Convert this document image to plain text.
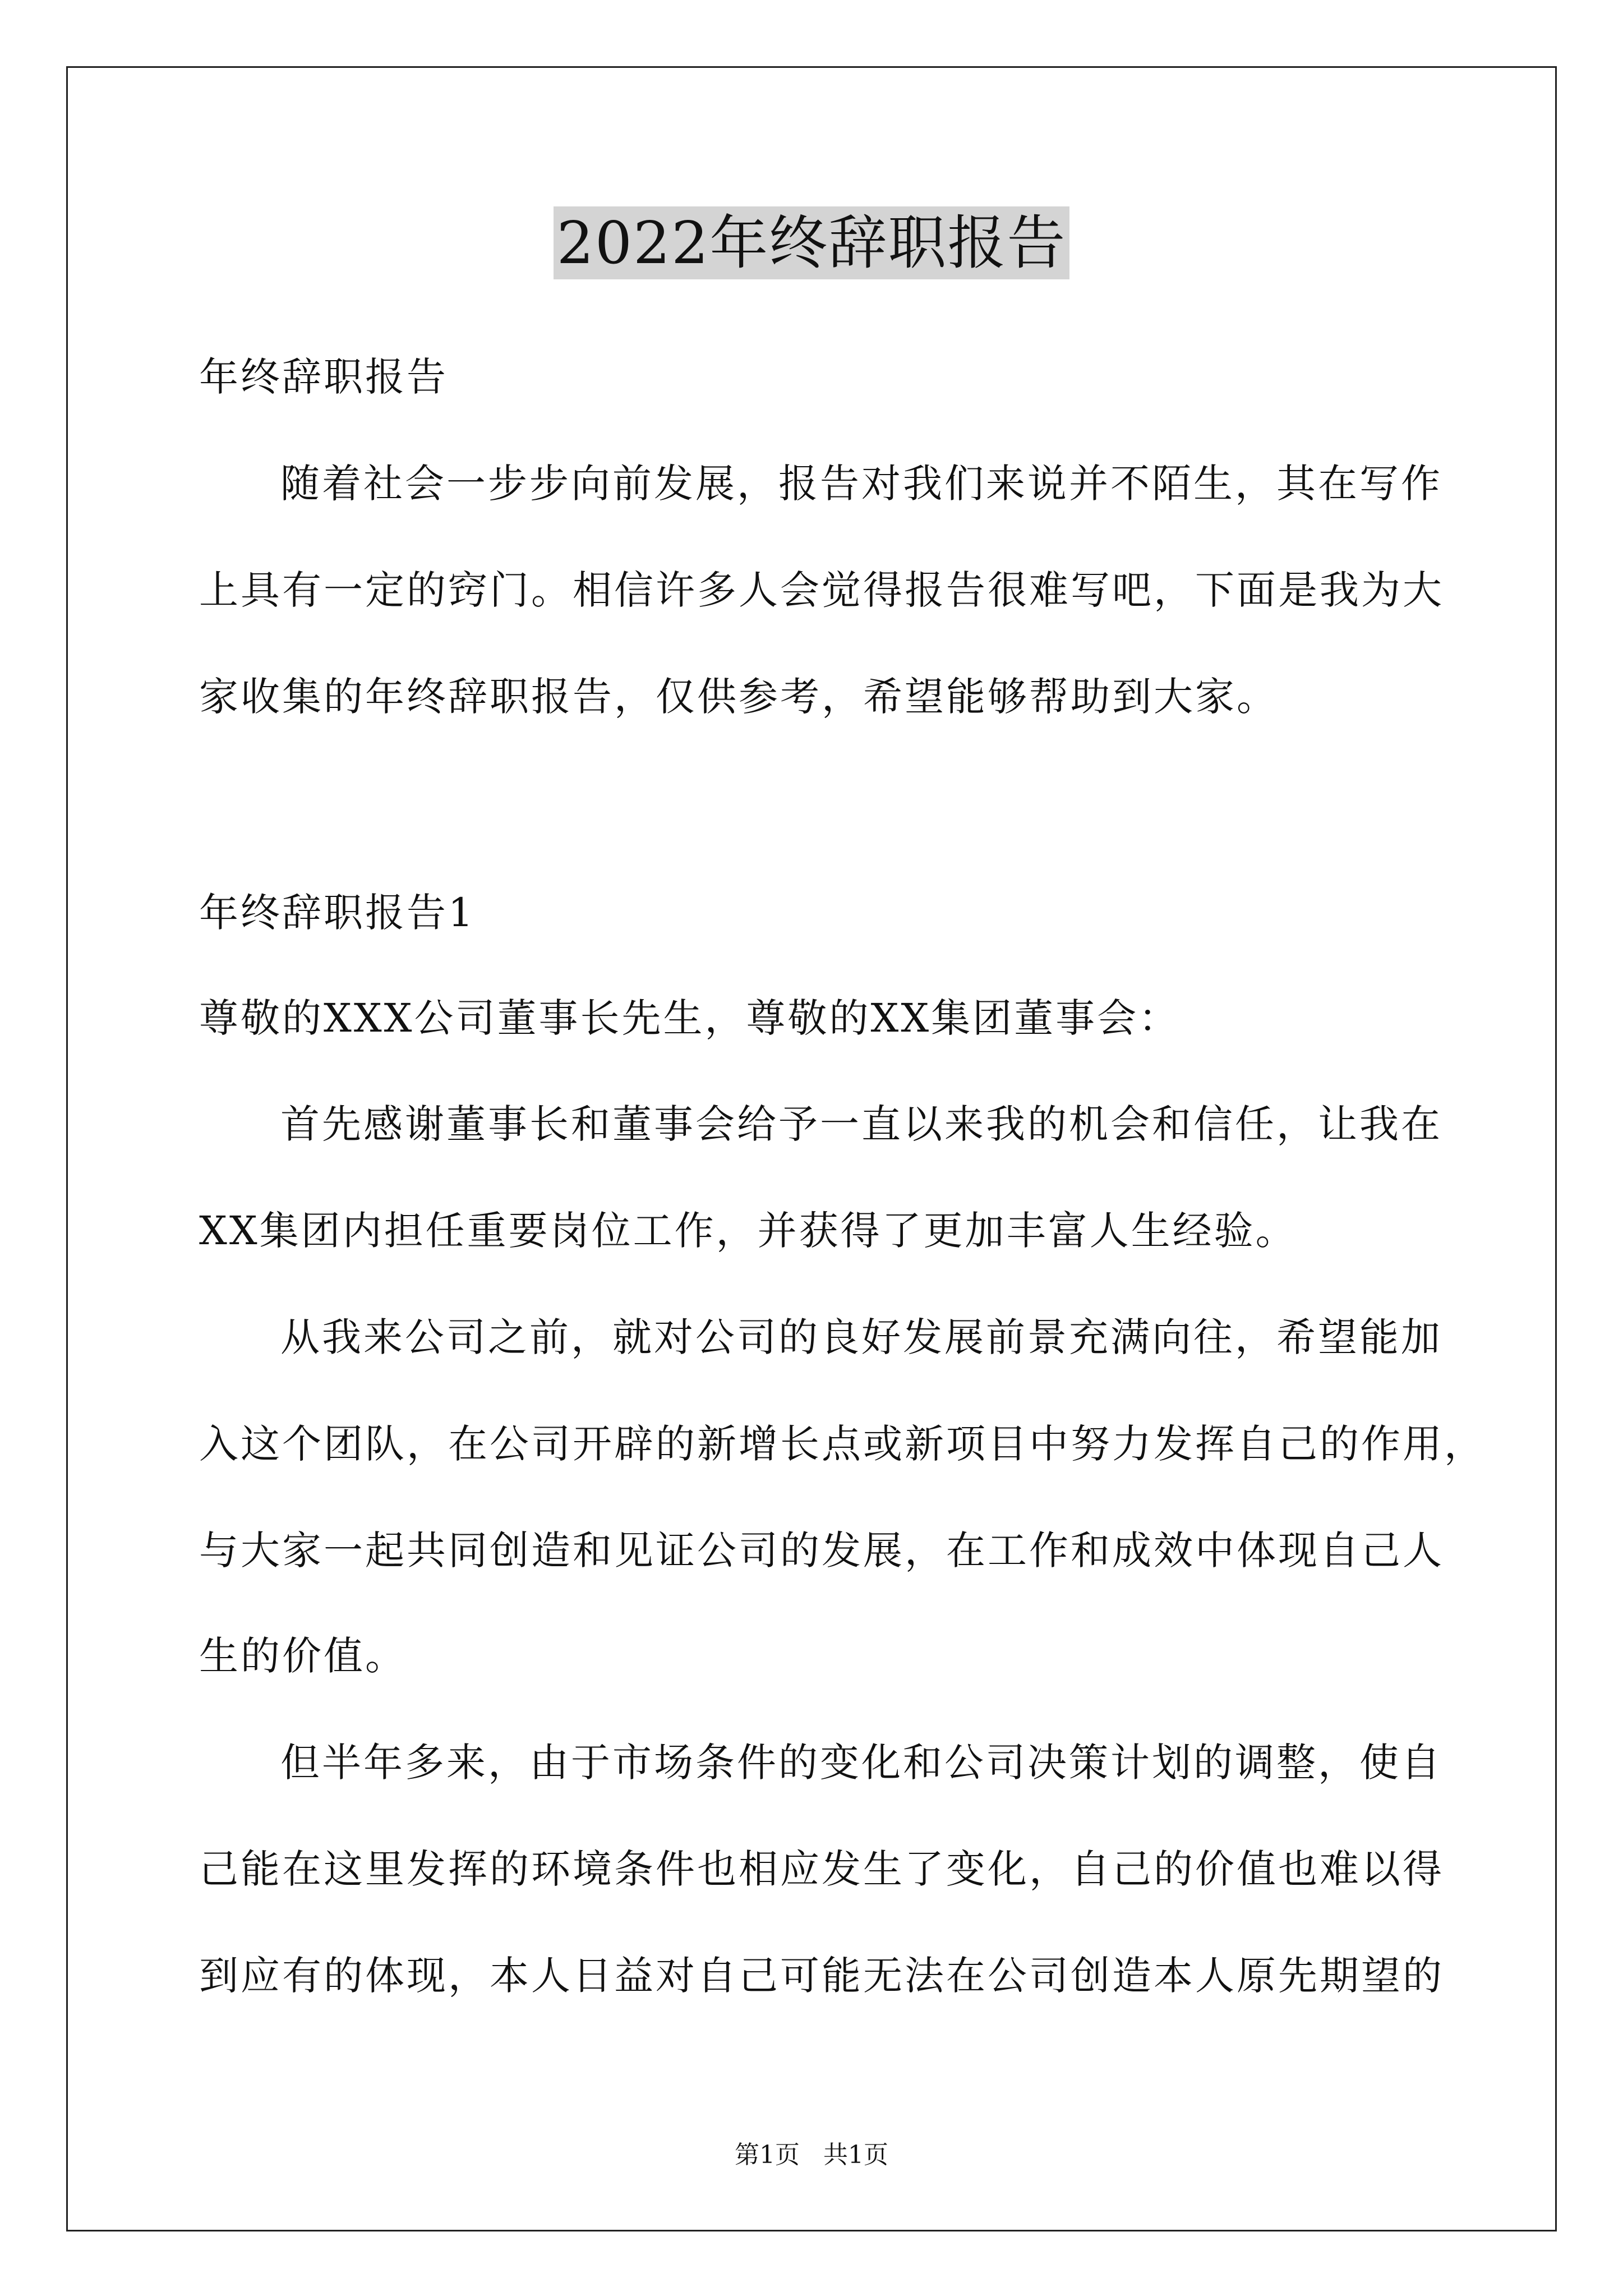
2022年终辞职报告
年终辞职报告
随着社会一步步向前发展，报告对我们来说并不陌生，其在写作
上具有一定的窍门。相信许多人会觉得报告很难写吧，下面是我为大
家收集的年终辞职报告，仅供参考，希望能够帮助到大家。
年终辞职报告1
尊敬的XXX公司董事长先生，尊敬的XX集团董事会：
首先感谢董事长和董事会给予一直以来我的机会和信任，让我在
XX集团内担任重要岗位工作，并获得了更加丰富人生经验。
从我来公司之前，就对公司的良好发展前景充满向往，希望能加
入这个团队，在公司开辟的新增长点或新项目中努力发挥自己的作用，
与大家一起共同创造和见证公司的发展，在工作和成效中体现自己人
生的价值。
但半年多来，由于市场条件的变化和公司决策计划的调整，使自
己能在这里发挥的环境条件也相应发生了变化，自己的价值也难以得
到应有的体现，本人日益对自己可能无法在公司创造本人原先期望的
第1页   共1页
